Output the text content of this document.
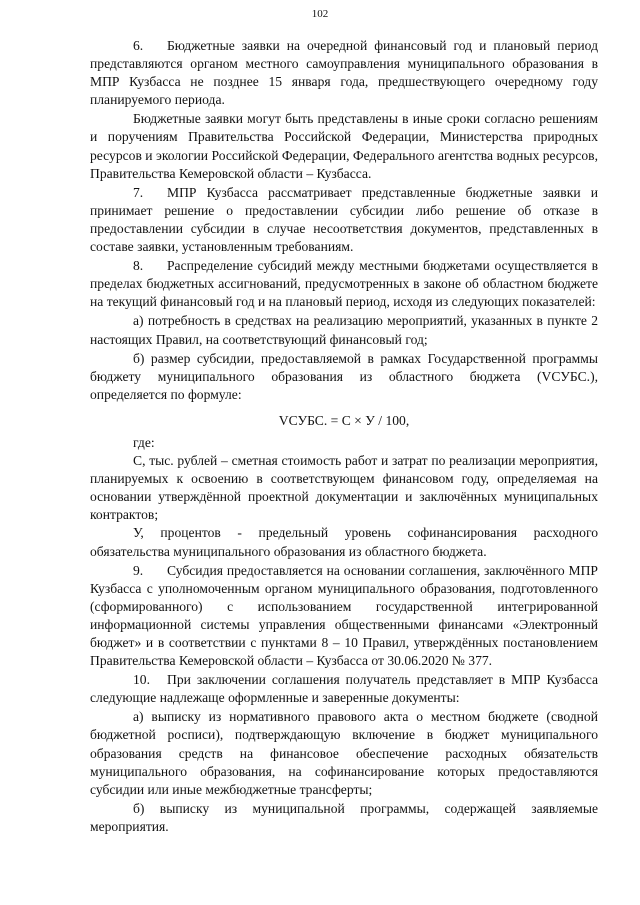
102

6. Бюджетные заявки на очередной финансовый год и плановый период представляются органом местного самоуправления муниципального образования в МПР Кузбасса не позднее 15 января года, предшествующего очередному году планируемого периода.

Бюджетные заявки могут быть представлены в иные сроки согласно решениям и поручениям Правительства Российской Федерации, Министерства природных ресурсов и экологии Российской Федерации, Федерального агентства водных ресурсов, Правительства Кемеровской области – Кузбасса.

7. МПР Кузбасса рассматривает представленные бюджетные заявки и принимает решение о предоставлении субсидии либо решение об отказе в предоставлении субсидии в случае несоответствия документов, представленных в составе заявки, установленным требованиям.

8. Распределение субсидий между местными бюджетами осуществляется в пределах бюджетных ассигнований, предусмотренных в законе об областном бюджете на текущий финансовый год и на плановый период, исходя из следующих показателей:

а) потребность в средствах на реализацию мероприятий, указанных в пункте 2 настоящих Правил, на соответствующий финансовый год;

б) размер субсидии, предоставляемой в рамках Государственной программы бюджету муниципального образования из областного бюджета (VСУБС.), определяется по формуле:

VСУБС. = С × У / 100,

где:

С, тыс. рублей – сметная стоимость работ и затрат по реализации мероприятия, планируемых к освоению в соответствующем финансовом году, определяемая на основании утверждённой проектной документации и заключённых муниципальных контрактов;

У, процентов - предельный уровень софинансирования расходного обязательства муниципального образования из областного бюджета.

9. Субсидия предоставляется на основании соглашения, заключённого МПР Кузбасса с уполномоченным органом муниципального образования, подготовленного (сформированного) с использованием государственной интегрированной информационной системы управления общественными финансами «Электронный бюджет» и в соответствии с пунктами 8 – 10 Правил, утверждённых постановлением Правительства Кемеровской области – Кузбасса от 30.06.2020 № 377.

10. При заключении соглашения получатель представляет в МПР Кузбасса следующие надлежаще оформленные и заверенные документы:

а) выписку из нормативного правового акта о местном бюджете (сводной бюджетной росписи), подтверждающую включение в бюджет муниципального образования средств на финансовое обеспечение расходных обязательств муниципального образования, на софинансирование которых предоставляются субсидии или иные межбюджетные трансферты;

б) выписку из муниципальной программы, содержащей заявляемые мероприятия.
